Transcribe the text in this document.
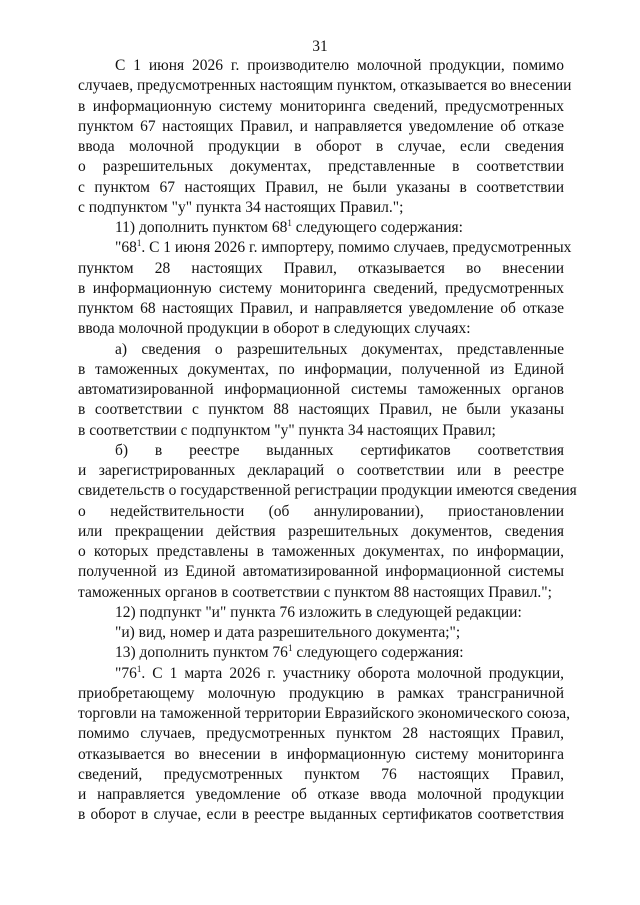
31
С 1 июня 2026 г. производителю молочной продукции, помимо
случаев, предусмотренных настоящим пунктом, отказывается во внесении
в информационную систему мониторинга сведений, предусмотренных
пунктом 67 настоящих Правил, и направляется уведомление об отказе
ввода молочной продукции в оборот в случае, если сведения
о разрешительных документах, представленные в соответствии
с пунктом 67 настоящих Правил, не были указаны в соответствии
с подпунктом "у" пункта 34 настоящих Правил.";
11) дополнить пунктом $68^1$ следующего содержания:
"$68^1$. С 1 июня 2026 г. импортеру, помимо случаев, предусмотренных
пунктом 28 настоящих Правил, отказывается во внесении
в информационную систему мониторинга сведений, предусмотренных
пунктом 68 настоящих Правил, и направляется уведомление об отказе
ввода молочной продукции в оборот в следующих случаях:
а) сведения о разрешительных документах, представленные
в таможенных документах, по информации, полученной из Единой
автоматизированной информационной системы таможенных органов
в соответствии с пунктом 88 настоящих Правил, не были указаны
в соответствии с подпунктом "у" пункта 34 настоящих Правил;
б) в реестре выданных сертификатов соответствия
и зарегистрированных деклараций о соответствии или в реестре
свидетельств о государственной регистрации продукции имеются сведения
о недействительности (об аннулировании), приостановлении
или прекращении действия разрешительных документов, сведения
о которых представлены в таможенных документах, по информации,
полученной из Единой автоматизированной информационной системы
таможенных органов в соответствии с пунктом 88 настоящих Правил.";
12) подпункт "и" пункта 76 изложить в следующей редакции:
"и) вид, номер и дата разрешительного документа;";
13) дополнить пунктом $76^1$ следующего содержания:
"$76^1$. С 1 марта 2026 г. участнику оборота молочной продукции,
приобретающему молочную продукцию в рамках трансграничной
торговли на таможенной территории Евразийского экономического союза,
помимо случаев, предусмотренных пунктом 28 настоящих Правил,
отказывается во внесении в информационную систему мониторинга
сведений, предусмотренных пунктом 76 настоящих Правил,
и направляется уведомление об отказе ввода молочной продукции
в оборот в случае, если в реестре выданных сертификатов соответствия
